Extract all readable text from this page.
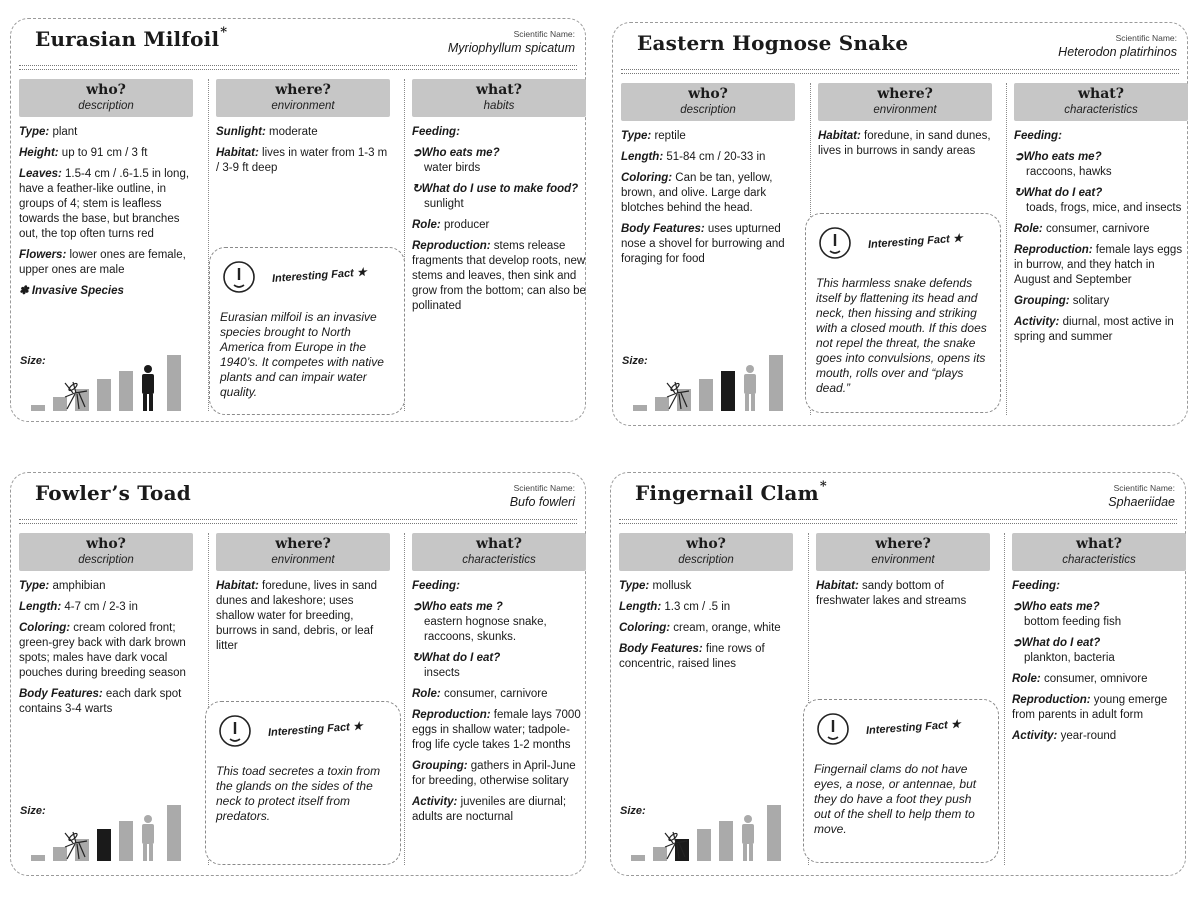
Eurasian Milfoil*	Scientific Name:
Myriophyllum spicatum
who?
description

Type: plant

Height: up to 91 cm / 3 ft

Leaves: 1.5-4 cm / .6-1.5 in long, have a feather-like outline, in groups of 4; stem is leafless towards the base, but branches out, the top often turns red

Flowers: lower ones are female, upper ones are male

✽ Invasive Species

where?
environment

Sunlight: moderate

Habitat: lives in water from 1-3 m / 3-9 ft deep

what?
habits

Feeding:

➲Who eats me?
water birds

↻What do I use to make food?
sunlight

Role: producer

Reproduction: stems release fragments that develop roots, new stems and leaves, then sink and grow from the bottom; can also be pollinated

Interesting Fact ★

Eurasian milfoil is an invasive species brought to North America from Europe in the 1940’s. It competes with native plants and can impair water quality.

Size:
Eastern Hognose Snake	Scientific Name:
Heterodon platirhinos
who?
description

Type: reptile

Length: 51-84 cm / 20-33 in

Coloring: Can be tan, yellow, brown, and olive. Large dark blotches behind the head.

Body Features: uses upturned nose a shovel for burrowing and foraging for food

where?
environment

Habitat: foredune, in sand dunes, lives in burrows in sandy areas

what?
characteristics

Feeding:

➲Who eats me?
raccoons, hawks

↻What do I eat?
toads, frogs, mice, and insects

Role: consumer, carnivore

Reproduction: female lays eggs in burrow, and they hatch in August and September

Grouping: solitary

Activity: diurnal, most active in spring and summer

Interesting Fact ★

This harmless snake defends itself by flattening its head and neck, then hissing and striking with a closed mouth. If this does not repel the threat, the snake goes into convulsions, opens its mouth, rolls over and “plays dead.”

Size:
Fowler’s Toad	Scientific Name:
Bufo fowleri
who?
description

Type: amphibian

Length: 4-7 cm / 2-3 in

Coloring: cream colored front; green-grey back with dark brown spots; males have dark vocal pouches during breeding season

Body Features: each dark spot contains 3-4 warts

where?
environment

Habitat: foredune, lives in sand dunes and lakeshore; uses shallow water for breeding, burrows in sand, debris, or leaf litter

what?
characteristics

Feeding:

➲Who eats me ?
eastern hognose snake, raccoons, skunks.

↻What do I eat?
insects

Role: consumer, carnivore

Reproduction: female lays 7000 eggs in shallow water; tadpole-frog life cycle takes 1-2 months

Grouping: gathers in April-June for breeding, otherwise solitary

Activity: juveniles are diurnal; adults are nocturnal

Interesting Fact ★

This toad secretes a toxin from the glands on the sides of the neck to protect itself from predators.

Size:
Fingernail Clam*	Scientific Name:
Sphaeriidae
who?
description

Type: mollusk

Length: 1.3 cm / .5 in

Coloring: cream, orange, white

Body Features: fine rows of concentric, raised lines

where?
environment

Habitat: sandy bottom of freshwater lakes and streams

what?
characteristics

Feeding:

➲Who eats me?
bottom feeding fish

➲What do I eat?
plankton, bacteria

Role: consumer, omnivore

Reproduction: young emerge from parents in adult form

Activity: year-round

Interesting Fact ★

Fingernail clams do not have eyes, a nose, or antennae, but they do have a foot they push out of the shell to help them to move.

Size:
